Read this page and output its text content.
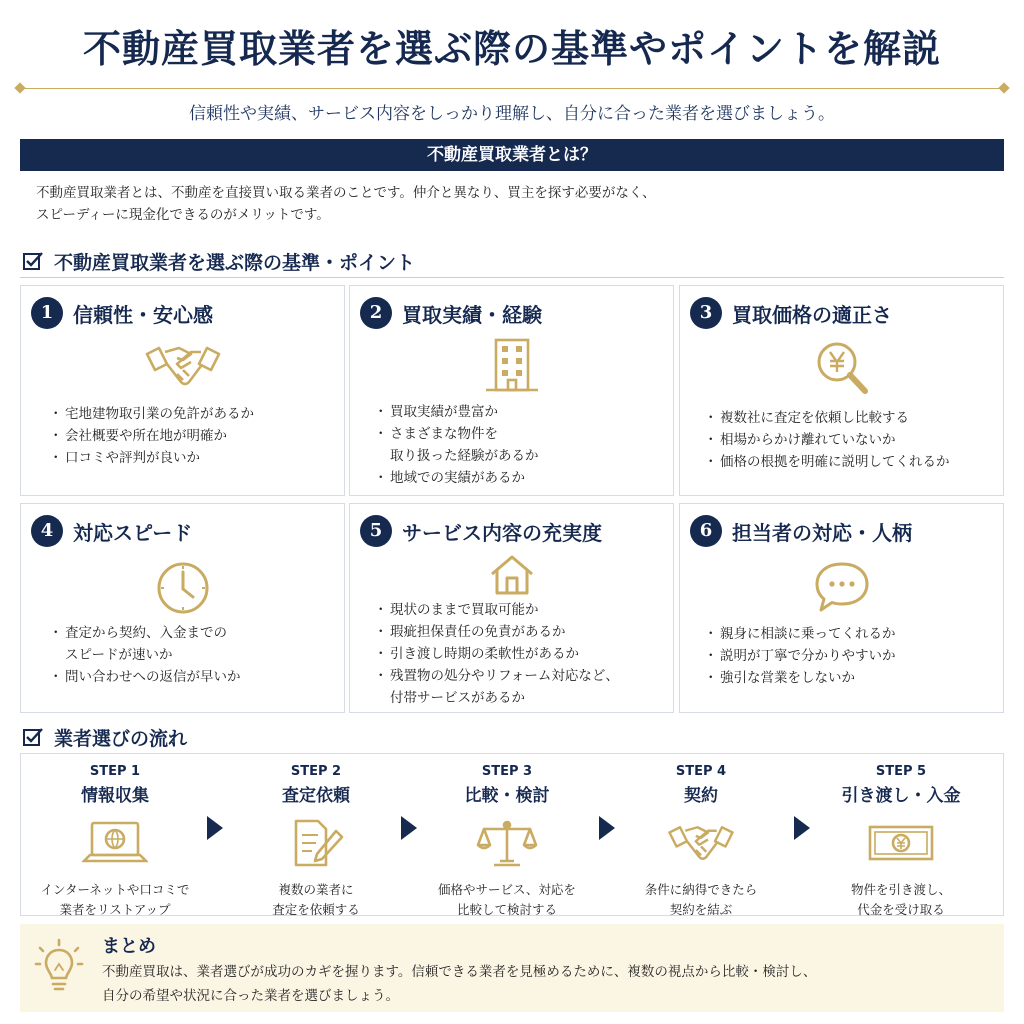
不動産買取業者を選ぶ際の基準やポイントを解説
信頼性や実績、サービス内容をしっかり理解し、自分に合った業者を選びましょう。
不動産買取業者とは？
不動産買取業者とは、不動産を直接買い取る業者のことです。仲介と異なり、買主を探す必要がなく、
スピーディーに現金化できるのがメリットです。
不動産買取業者を選ぶ際の基準・ポイント
1 信頼性・安心感
・ 宅地建物取引業の免許があるか
・ 会社概要や所在地が明確か
・ 口コミや評判が良いか
2 買取実績・経験
・ 買取実績が豊富か
・ さまざまな物件を
取り扱った経験があるか
・ 地域での実績があるか
3 買取価格の適正さ
・ 複数社に査定を依頼し比較する
・ 相場からかけ離れていないか
・ 価格の根拠を明確に説明してくれるか
4 対応スピード
・ 査定から契約、入金までの
スピードが速いか
・ 問い合わせへの返信が早いか
5 サービス内容の充実度
・ 現状のままで買取可能か
・ 瑕疵担保責任の免責があるか
・ 引き渡し時期の柔軟性があるか
・ 残置物の処分やリフォーム対応など、
付帯サービスがあるか
6 担当者の対応・人柄
・ 親身に相談に乗ってくれるか
・ 説明が丁寧で分かりやすいか
・ 強引な営業をしないか
業者選びの流れ
STEP 1
情報収集
インターネットや口コミで
業者をリストアップ
STEP 2
査定依頼
複数の業者に
査定を依頼する
STEP 3
比較・検討
価格やサービス、対応を
比較して検討する
STEP 4
契約
条件に納得できたら
契約を結ぶ
STEP 5
引き渡し・入金
物件を引き渡し、
代金を受け取る
まとめ
不動産買取は、業者選びが成功のカギを握ります。信頼できる業者を見極めるために、複数の視点から比較・検討し、
自分の希望や状況に合った業者を選びましょう。
